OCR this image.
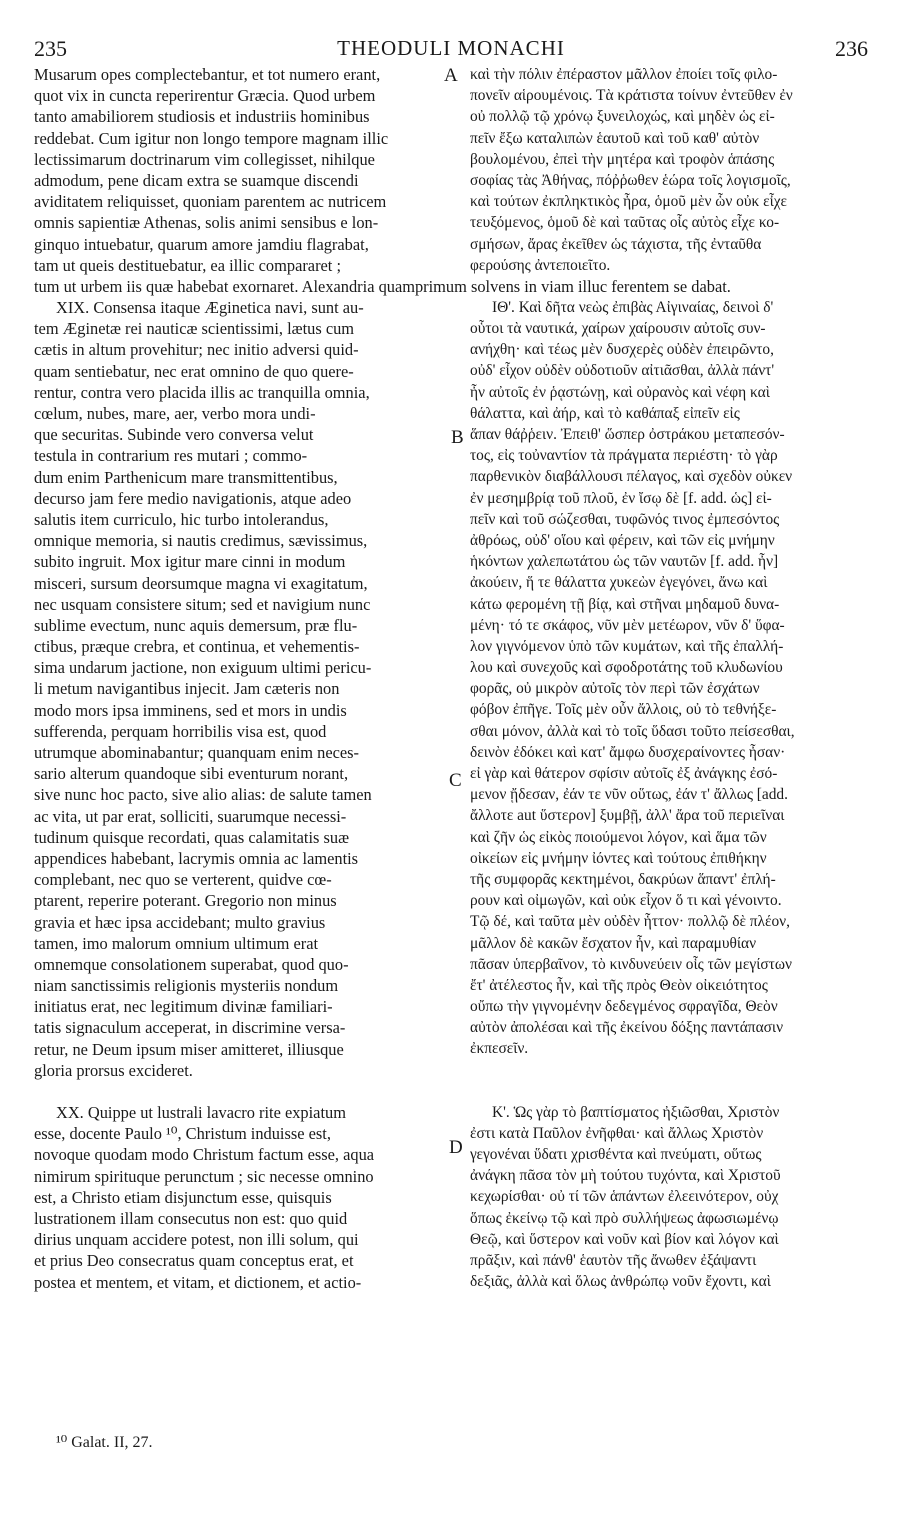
235	THEODULI MONACHI	236
Musarum opes complectebantur, et tot numero erant,
quot vix in cuncta reperirentur Græcia. Quod urbem
tanto amabiliorem studiosis et industriis hominibus
reddebat. Cum igitur non longo tempore magnam illic
lectissimarum doctrinarum vim collegisset, nihilque
admodum, pene dicam extra se suamque discendi
aviditatem reliquisset, quoniam parentem ac nutricem
omnis sapientiæ Athenas, solis animi sensibus e lon-
ginquo intuebatur, quarum amore jamdiu flagrabat,
tam ut queis destituebatur, ea illic compararet ;
tum ut urbem iis quæ habebat exornaret. Alexandria quamprimum solvens in viam illuc ferentem se dabat.
XIX. Consensa itaque Æginetica navi, sunt au-
tem Æginetæ rei nauticæ scientissimi, lætus cum
cætis in altum provehitur; nec initio adversi quid-
quam sentiebatur, nec erat omnino de quo quere-
rentur, contra vero placida illis ac tranquilla omnia,
cœlum, nubes, mare, aer, verbo mora undi-
que securitas. Subinde vero conversa velut
testula in contrarium res mutari ; commo-
dum enim Parthenicum mare transmittentibus,
decurso jam fere medio navigationis, atque adeo
salutis item curriculo, hic turbo intolerandus,
omnique memoria, si nautis credimus, sævissimus,
subito ingruit. Mox igitur mare cinni in modum
misceri, sursum deorsumque magna vi exagitatum,
nec usquam consistere situm; sed et navigium nunc
sublime evectum, nunc aquis demersum, præ flu-
ctibus, præque crebra, et continua, et vehementis-
sima undarum jactione, non exiguum ultimi pericu-
li metum navigantibus injecit. Jam cæteris non
modo mors ipsa imminens, sed et mors in undis
sufferenda, perquam horribilis visa est, quod
utrumque abominabantur; quanquam enim neces-
sario alterum quandoque sibi eventurum norant,
sive nunc hoc pacto, sive alio alias: de salute tamen
ac vita, ut par erat, solliciti, suarumque necessi-
tudinum quisque recordati, quas calamitatis suæ
appendices habebant, lacrymis omnia ac lamentis
complebant, nec quo se verterent, quidve cœ-
ptarent, reperire poterant. Gregorio non minus
gravia et hæc ipsa accidebant; multo gravius
tamen, imo malorum omnium ultimum erat
omnemque consolationem superabat, quod quo-
niam sanctissimis religionis mysteriis nondum
initiatus erat, nec legitimum divinæ familiari-
tatis signaculum acceperat, in discrimine versa-
retur, ne Deum ipsum miser amitteret, illiusque
gloria prorsus excideret.
XX. Quippe ut lustrali lavacro rite expiatum
esse, docente Paulo ¹⁰, Christum induisse est,
novoque quodam modo Christum factum esse, aqua
nimirum spirituque perunctum ; sic necesse omnino
est, a Christo etiam disjunctum esse, quisquis
lustrationem illam consecutus non est: quo quid
dirius unquam accidere potest, non illi solum, qui
et prius Deo consecratus quam conceptus erat, et
postea et mentem, et vitam, et dictionem, et actio-
καὶ τὴν πόλιν ἐπέραστον μᾶλλον ἐποίει τοῖς φιλο-
πονεῖν αἱρουμένοις. Τὰ κράτιστα τοίνυν ἐντεῦθεν ἐν
οὐ πολλῷ τῷ χρόνῳ ξυνειλοχώς, καὶ μηδὲν ὡς εἰ-
πεῖν ἔξω καταλιπὼν ἑαυτοῦ καὶ τοῦ καθ' αὐτὸν
βουλομένου, ἐπεὶ τὴν μητέρα καὶ τροφὸν ἁπάσης
σοφίας τὰς Ἀθήνας, πόῤῥωθεν ἑώρα τοῖς λογισμοῖς,
καὶ τούτων ἐκπληκτικὸς ἦρα, ὁμοῦ μὲν ὧν οὐκ εἶχε
τευξόμενος, ὁμοῦ δὲ καὶ ταῦτας οἷς αὐτὸς εἶχε κο-
σμήσων, ἄρας ἐκεῖθεν ὡς τάχιστα, τῆς ἐνταῦθα
φερούσης ἀντεποιεῖτο.
ΙΘ'. Καὶ δῆτα νεὼς ἐπιβὰς Αἰγιναίας, δεινοὶ δ'
οὗτοι τὰ ναυτικά, χαίρων χαίρουσιν αὐτοῖς συν-
ανήχθη· καὶ τέως μὲν δυσχερὲς οὐδὲν ἐπειρῶντο,
οὐδ' εἶχον οὐδὲν οὐδοτιοῦν αἰτιᾶσθαι, ἀλλὰ πάντ'
ἦν αὐτοῖς ἐν ῥᾳστώνῃ, καὶ οὐρανὸς καὶ νέφη καὶ
θάλαττα, καὶ ἀήρ, καὶ τὸ καθάπαξ εἰπεῖν εἰς
ἅπαν θάῤῥειν. Ἐπειθ' ὥσπερ ὀστράκου μεταπεσόν-
τος, εἰς τοὐναντίον τὰ πράγματα περιέστη· τὸ γὰρ
παρθενικὸν διαβάλλουσι πέλαγος, καὶ σχεδὸν οὐκεν
ἐν μεσημβρίᾳ τοῦ πλοῦ, ἐν ἴσῳ δὲ [f. add. ὡς] εἰ-
πεῖν καὶ τοῦ σώζεσθαι, τυφῶνός τινος ἐμπεσόντος
ἀθρόως, οὐδ' οἵου καὶ φέρειν, καὶ τῶν εἰς μνήμην
ἡκόντων χαλεπωτάτου ὡς τῶν ναυτῶν [f. add. ἦν]
ἀκούειν, ἥ τε θάλαττα χυκεὼν ἐγεγόνει, ἄνω καὶ
κάτω φερομένη τῇ βίᾳ, καὶ στῆναι μηδαμοῦ δυνα-
μένη· τό τε σκάφος, νῦν μὲν μετέωρον, νῦν δ' ὕφα-
λον γιγνόμενον ὑπὸ τῶν κυμάτων, καὶ τῆς ἐπαλλή-
λου καὶ συνεχοῦς καὶ σφοδροτάτης τοῦ κλυδωνίου
φορᾶς, οὐ μικρὸν αὐτοῖς τὸν περὶ τῶν ἐσχάτων
φόβον ἐπῆγε. Τοῖς μὲν οὖν ἄλλοις, οὐ τὸ τεθνήξε-
σθαι μόνον, ἀλλὰ καὶ τὸ τοῖς ὕδασι τοῦτο πείσεσθαι,
δεινὸν ἐδόκει καὶ κατ' ἄμφω δυσχεραίνοντες ἦσαν·
εἰ γὰρ καὶ θάτερον σφίσιν αὐτοῖς ἐξ ἀνάγκης ἐσό-
μενον ᾔδεσαν, ἐάν τε νῦν οὕτως, ἐάν τ' ἄλλως [add.
ἄλλοτε aut ὕστερον] ξυμβῇ, ἀλλ' ἄρα τοῦ περιεῖναι
καὶ ζῆν ὡς εἰκὸς ποιούμενοι λόγον, καὶ ἅμα τῶν
οἰκείων εἰς μνήμην ἰόντες καὶ τούτους ἐπιθήκην
τῆς συμφορᾶς κεκτημένοι, δακρύων ἅπαντ' ἐπλή-
ρουν καὶ οἰμωγῶν, καὶ οὐκ εἶχον ὅ τι καὶ γένοιντο.
Τῷ δέ, καὶ ταῦτα μὲν οὐδὲν ἧττον· πολλῷ δὲ πλέον,
μᾶλλον δὲ κακῶν ἔσχατον ἦν, καὶ παραμυθίαν
πᾶσαν ὑπερβαῖνον, τὸ κινδυνεύειν οἷς τῶν μεγίστων
ἔτ' ἀτέλεστος ἦν, καὶ τῆς πρὸς Θεὸν οἰκειότητος
οὔπω τὴν γιγνομένην δεδεγμένος σφραγῖδα, Θεὸν
αὐτὸν ἀπολέσαι καὶ τῆς ἐκείνου δόξης παντάπασιν
ἐκπεσεῖν.
Κ'. Ὡς γὰρ τὸ βαπτίσματος ἠξιῶσθαι, Χριστὸν
ἐστι κατὰ Παῦλον ἐνῆφθαι· καὶ ἄλλως Χριστὸν
γεγονέναι ὕδατι χρισθέντα καὶ πνεύματι, οὕτως
ἀνάγκη πᾶσα τὸν μὴ τούτου τυχόντα, καὶ Χριστοῦ
κεχωρίσθαι· οὐ τί τῶν ἁπάντων ἐλεεινότερον, οὐχ
ὅπως ἐκείνῳ τῷ καὶ πρὸ συλλήψεως ἀφωσιωμένῳ
Θεῷ, καὶ ὕστερον καὶ νοῦν καὶ βίον καὶ λόγον καὶ
πρᾶξιν, καὶ πάνθ' ἑαυτὸν τῆς ἄνωθεν ἐξάψαντι
δεξιᾶς, ἀλλὰ καὶ ὅλως ἀνθρώπῳ νοῦν ἔχοντι, καὶ
A
B
C
D
¹⁰ Galat. II, 27.
